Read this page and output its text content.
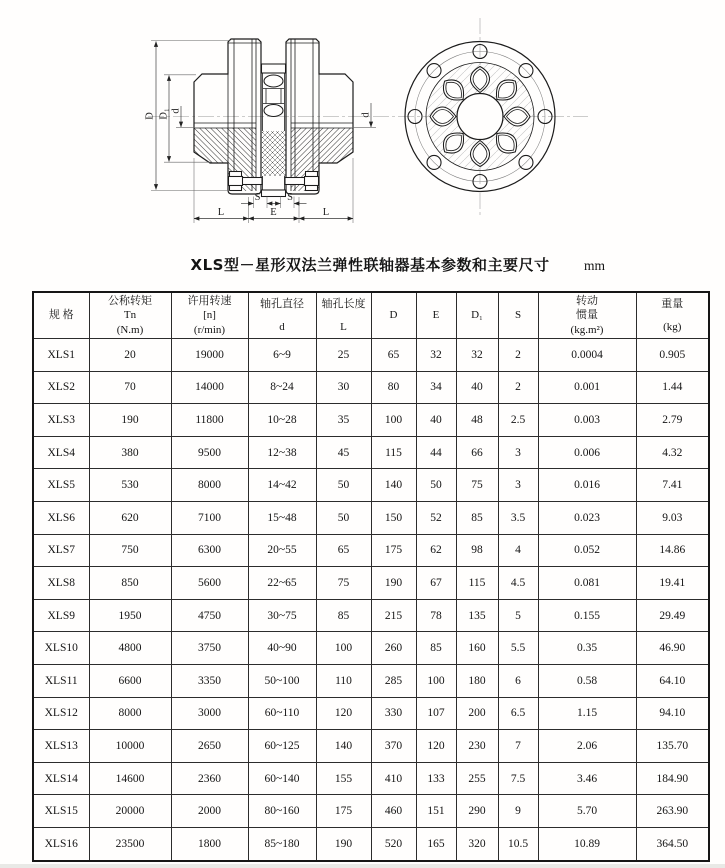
D D₁ d
d
S	S
L	E	L
XLS型－星形双法兰弹性联轴器基本参数和主要尺寸	mm
规 格

公称转矩
Tn
(N.m)

许用转速
[n]
(r/min)

轴孔直径
d

轴孔长度
L

D	E	D₁	S

转动
惯量
(kg.m²)

重量
(kg)

XLS1	20	19000	6~9	25	65	32	32	2	0.0004	0.905
XLS2	70	14000	8~24	30	80	34	40	2	0.001	1.44
XLS3	190	11800	10~28	35	100	40	48	2.5	0.003	2.79
XLS4	380	9500	12~38	45	115	44	66	3	0.006	4.32
XLS5	530	8000	14~42	50	140	50	75	3	0.016	7.41
XLS6	620	7100	15~48	50	150	52	85	3.5	0.023	9.03
XLS7	750	6300	20~55	65	175	62	98	4	0.052	14.86
XLS8	850	5600	22~65	75	190	67	115	4.5	0.081	19.41
XLS9	1950	4750	30~75	85	215	78	135	5	0.155	29.49
XLS10	4800	3750	40~90	100	260	85	160	5.5	0.35	46.90
XLS11	6600	3350	50~100	110	285	100	180	6	0.58	64.10
XLS12	8000	3000	60~110	120	330	107	200	6.5	1.15	94.10
XLS13	10000	2650	60~125	140	370	120	230	7	2.06	135.70
XLS14	14600	2360	60~140	155	410	133	255	7.5	3.46	184.90
XLS15	20000	2000	80~160	175	460	151	290	9	5.70	263.90
XLS16	23500	1800	85~180	190	520	165	320	10.5	10.89	364.50
